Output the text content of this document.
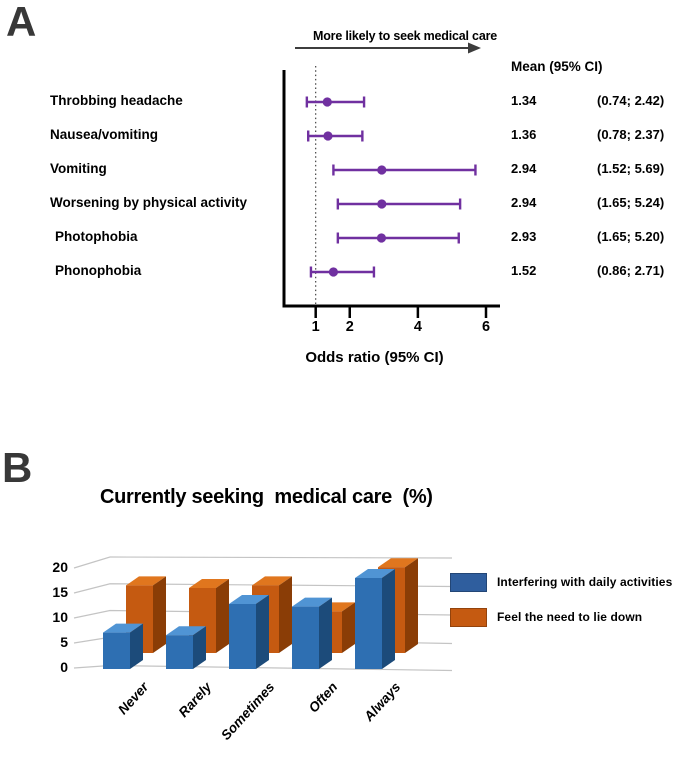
A	More likely to seek medical care
Mean (95% CI)
Odds ratio (95% CI)
1	2	4	6
Throbbing headache	1.34	(0.74; 2.42)
Nausea/vomiting	1.36	(0.78; 2.37)
Vomiting	2.94	(1.52; 5.69)
Worsening by physical activity	2.94	(1.65; 5.24)
Photophobia	2.93	(1.65; 5.20)
Phonophobia	1.52	(0.86; 2.71)
B
Currently seeking  medical care  (%)
0
5
10
15
20
Never	Rarely Sometimes	Often	Always
Interfering with daily activities
Feel the need to lie down
